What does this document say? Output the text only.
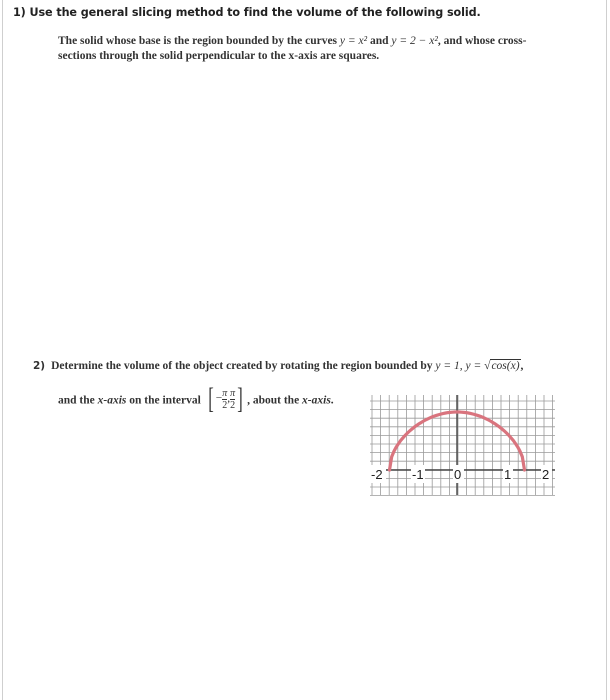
1) Use the general slicing method to find the volume of the following solid.
The solid whose base is the region bounded by the curves y = x² and y = 2 − x², and whose cross-
sections through the solid perpendicular to the x-axis are squares.
2) Determine the volume of the object created by rotating the region bounded by y = 1, y = √cos(x),
and the x-axis on the interval [ − $\frac{\pi}{2}$ , $\frac{\pi}{2}$ ] , about the x-axis.
-2 -1 0	1 2
